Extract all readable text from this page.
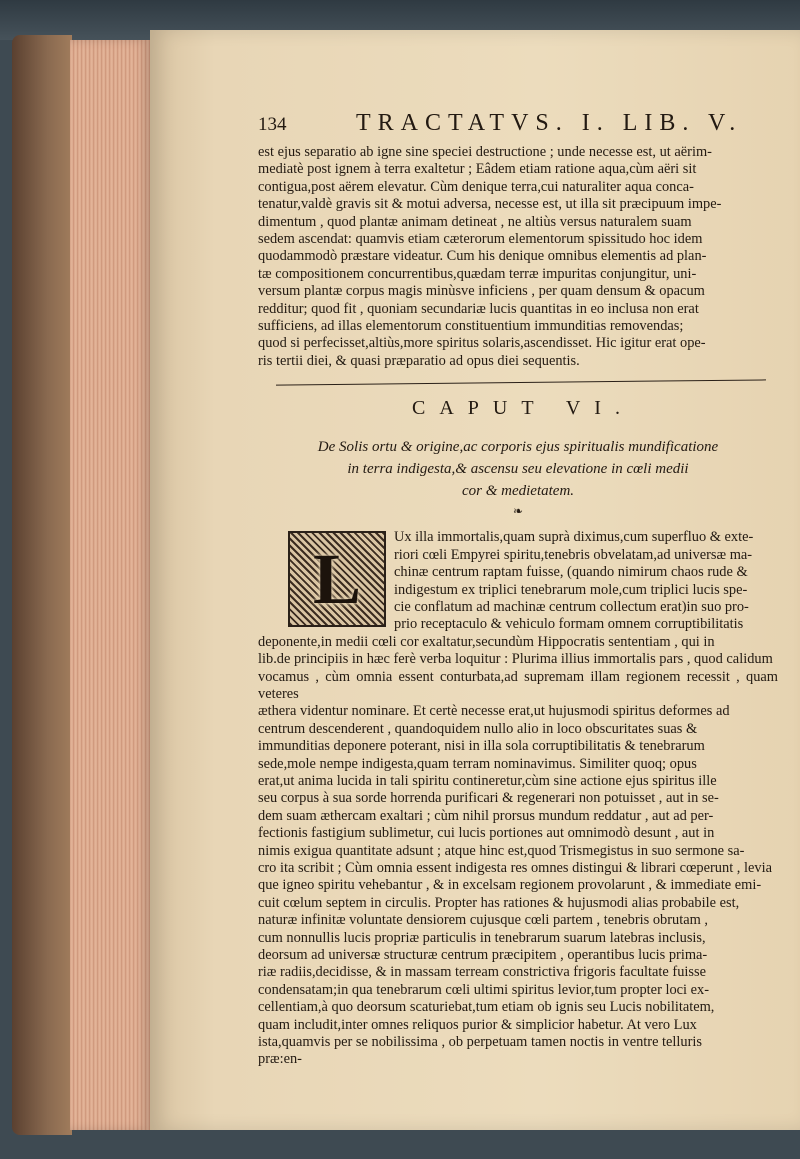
134	TRACTATVS. I. LIB. V.
est ejus separatio ab igne sine speciei destructione ; unde necesse est, ut aërim-
mediatè post ignem à terra exaltetur ; Eâdem etiam ratione aqua,cùm aëri sit
contigua,post aërem elevatur. Cùm denique terra,cui naturaliter aqua conca-
tenatur,valdè gravis sit & motui adversa, necesse est, ut illa sit præcipuum impe-
dimentum , quod plantæ animam detineat , ne altiùs versus naturalem suam
sedem ascendat: quamvis etiam cæterorum elementorum spissitudo hoc idem
quodammodò præstare videatur. Cum his denique omnibus elementis ad plan-
tæ compositionem concurrentibus,quædam terræ impuritas conjungitur, uni-
versum plantæ corpus magis minùsve inficiens , per quam densum & opacum
redditur; quod fit , quoniam secundariæ lucis quantitas in eo inclusa non erat
sufficiens, ad illas elementorum constituentium immunditias removendas;
quod si perfecisset,altiùs,more spiritus solaris,ascendisset. Hic igitur erat ope-
ris tertii diei, & quasi præparatio ad opus diei sequentis.
CAPUT VI.
De Solis ortu & origine,ac corporis ejus spiritualis mundificatione
in terra indigesta,& ascensu seu elevatione in cœli medii
cor & medietatem.
❧
L
Ux illa immortalis,quam suprà diximus,cum superfluo & exte-
riori cœli Empyrei spiritu,tenebris obvelatam,ad universæ ma-
chinæ centrum raptam fuisse, (quando nimirum chaos rude &
indigestum ex triplici tenebrarum mole,cum triplici lucis spe-
cie conflatum ad machinæ centrum collectum erat)in suo pro-
prio receptaculo & vehiculo formam omnem corruptibilitatis
deponente,in medii cœli cor exaltatur,secundùm Hippocratis sententiam , qui in
lib.de principiis in hæc ferè verba loquitur : Plurima illius immortalis pars , quod calidum
vocamus , cùm omnia essent conturbata,ad supremam illam regionem recessit , quam veteres
æthera videntur nominare. Et certè necesse erat,ut hujusmodi spiritus deformes ad
centrum descenderent , quandoquidem nullo alio in loco obscuritates suas &
immunditias deponere poterant, nisi in illa sola corruptibilitatis & tenebrarum
sede,mole nempe indigesta,quam terram nominavimus. Similiter quoq; opus
erat,ut anima lucida in tali spiritu contineretur,cùm sine actione ejus spiritus ille
seu corpus à sua sorde horrenda purificari & regenerari non potuisset , aut in se-
dem suam æthercam exaltari ; cùm nihil prorsus mundum reddatur , aut ad per-
fectionis fastigium sublimetur, cui lucis portiones aut omnimodò desunt , aut in
nimis exigua quantitate adsunt ; atque hinc est,quod Trismegistus in suo sermone sa-
cro ita scribit ; Cùm omnia essent indigesta res omnes distingui & librari cœperunt , levia
que igneo spiritu vehebantur , & in excelsam regionem provolarunt , & immediate emi-
cuit cœlum septem in circulis. Propter has rationes & hujusmodi alias probabile est,
naturæ infinitæ voluntate densiorem cujusque cœli partem , tenebris obrutam ,
cum nonnullis lucis propriæ particulis in tenebrarum suarum latebras inclusis,
deorsum ad universæ structuræ centrum præcipitem , operantibus lucis prima-
riæ radiis,decidisse, & in massam terream constrictiva frigoris facultate fuisse
condensatam;in qua tenebrarum cœli ultimi spiritus levior,tum propter loci ex-
cellentiam,à quo deorsum scaturiebat,tum etiam ob ignis seu Lucis nobilitatem,
quam includit,inter omnes reliquos purior & simplicior habetur. At vero Lux
ista,quamvis per se nobilissima , ob perpetuam tamen noctis in ventre telluris
præ:en-
